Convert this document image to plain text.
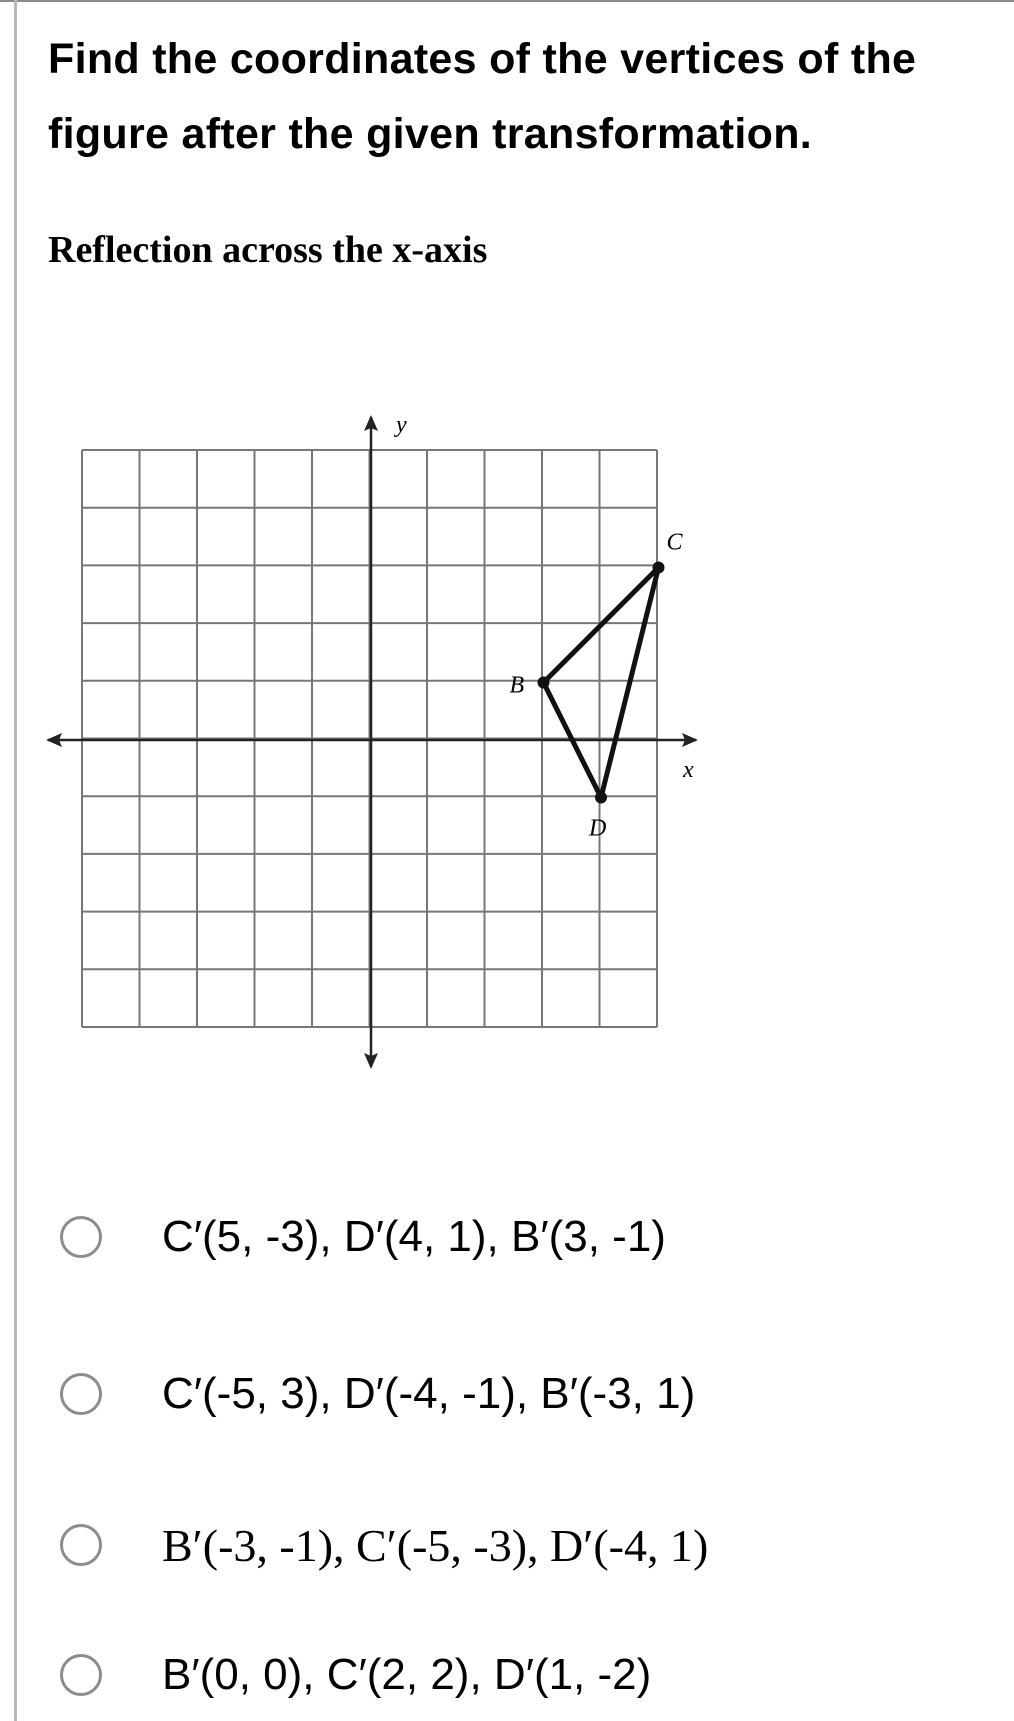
Find the coordinates of the vertices of the
figure after the given transformation.
Reflection across the x-axis
y
x
C
B
D
C′(5, -3), D′(4, 1), B′(3, -1)
C′(-5, 3), D′(-4, -1), B′(-3, 1)
B′(-3, -1), C′(-5, -3), D′(-4, 1)
B′(0, 0), C′(2, 2), D′(1, -2)
